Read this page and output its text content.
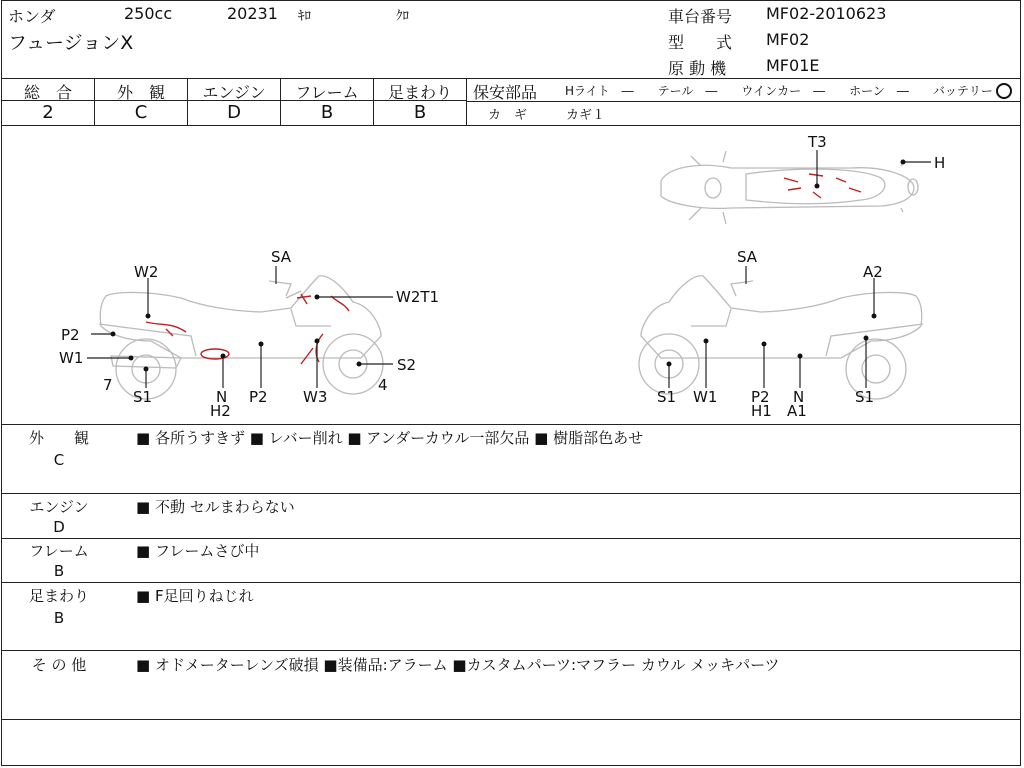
ホンダ	250cc	20231 ｷﾛ	ｸﾛ
フュージョンX
車台番号 MF02-2010623
型　　式 MF02
原 動 機 MF01E
総　合	外　観	エンジン	フレーム	足まわり
2	C	D	B	B
保安部品 Hライト　―　　テール　―　　ウインカー　―　　ホーン　―　　バッテリー
カ　ギ	カギ１
T3
H
SA
W2
W2T1
P2
W1
7
S1	N
H2
P2 W3
4
S2
SA
A2
S1 W1 P2
H1
N
A1
S1
外　　観
C
■ 各所うすきず ■ レバー削れ ■ アンダーカウル一部欠品 ■ 樹脂部色あせ
エンジン
D
■ 不動 セルまわらない
フレーム
B
■ フレームさび中
足まわり
B
■ F足回りねじれ
そ の 他	■ オドメーターレンズ破損 ■装備品:アラーム ■カスタムパーツ:マフラー カウル メッキパーツ
